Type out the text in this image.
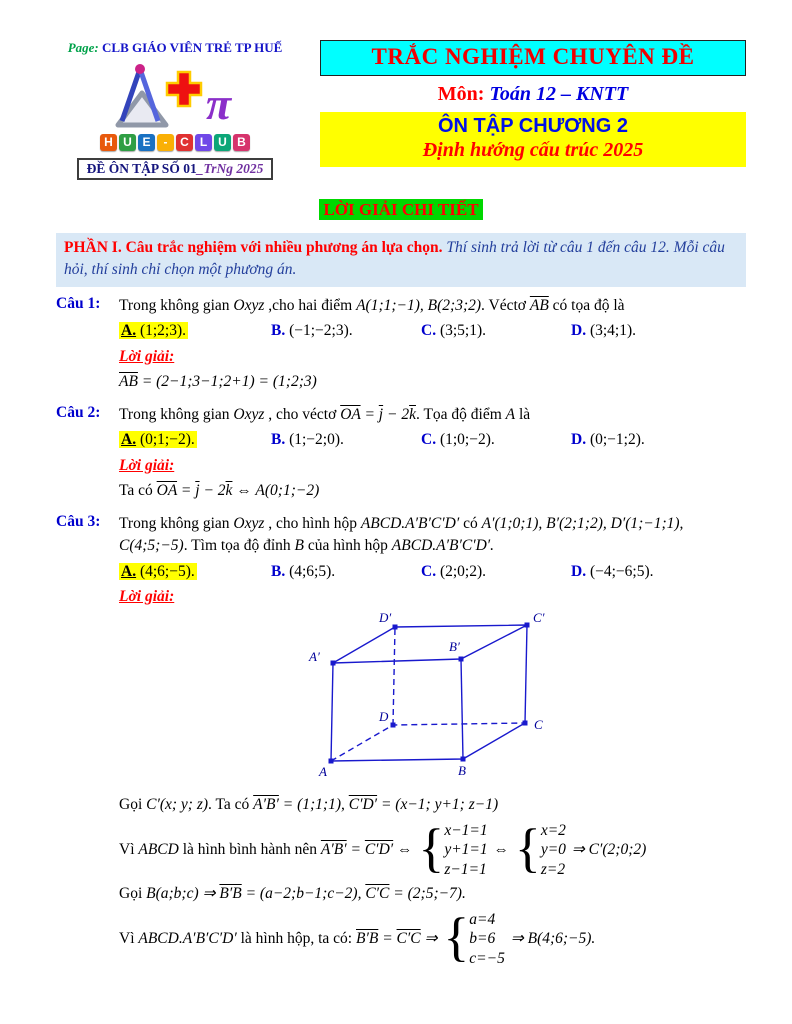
Page: CLB GIÁO VIÊN TRẺ TP HUẾ
π
H U E	-	C L U B
ĐỀ ÔN TẬP SỐ 01_TrNg 2025
TRẮC NGHIỆM CHUYÊN ĐỀ
Môn: Toán 12 – KNTT
ÔN TẬP CHƯƠNG 2
Định hướng cấu trúc 2025
LỜI GIẢI CHI TIẾT
PHẦN I. Câu trắc nghiệm với nhiều phương án lựa chọn. Thí sinh trả lời từ câu 1 đến câu 12. Mỗi câu hỏi, thí sinh chỉ chọn một phương án.
Câu 1:	Trong không gian Oxyz ,cho hai điểm A(1;1;−1), B(2;3;2). Véctơ $\overline{AB}$ có tọa độ là

A. (1;2;3).	B. (−1;−2;3).	C. (3;5;1).	D. (3;4;1).

Lời giải:

$\overline{AB}$ = (2−1;3−1;2+1) = (1;2;3)

Câu 2:	Trong không gian Oxyz , cho véctơ $\overline{OA} = \overline{j} - 2\overline{k}$. Tọa độ điểm A là

A. (0;1;−2).	B. (1;−2;0).	C. (1;0;−2).	D. (0;−1;2).

Lời giải:

Ta có $\overline{OA} = \overline{j} - 2\overline{k}$ ⇔ A(0;1;−2)

Câu 3:	Trong không gian Oxyz , cho hình hộp ABCD.A′B′C′D′ có A′(1;0;1), B′(2;1;2), D′(1;−1;1), C(4;5;−5). Tìm tọa độ đỉnh B của hình hộp ABCD.A′B′C′D′.

A. (4;6;−5).	B. (4;6;5).	C. (2;0;2).	D. (−4;−6;5).

Lời giải:

A	B
C
D
A′
B′
C′
D′

Gọi C′(x; y; z). Ta có A′B′ = (1;1;1), C′D′ = (x−1; y+1; z−1)

Vì ABCD là hình bình hành nên A′B′ = C′D′ ⇔ { x−1=1
y+1=1
z−1=1
⇔ { x=2
y=0
z=2
⇒ C′(2;0;2)

Gọi B(a;b;c) ⇒ B′B = (a−2;b−1;c−2), C′C = (2;5;−7).

Vì ABCD.A′B′C′D′ là hình hộp, ta có: B′B = C′C ⇒ { a=4
b=6
c=−5
⇒ B(4;6;−5).
